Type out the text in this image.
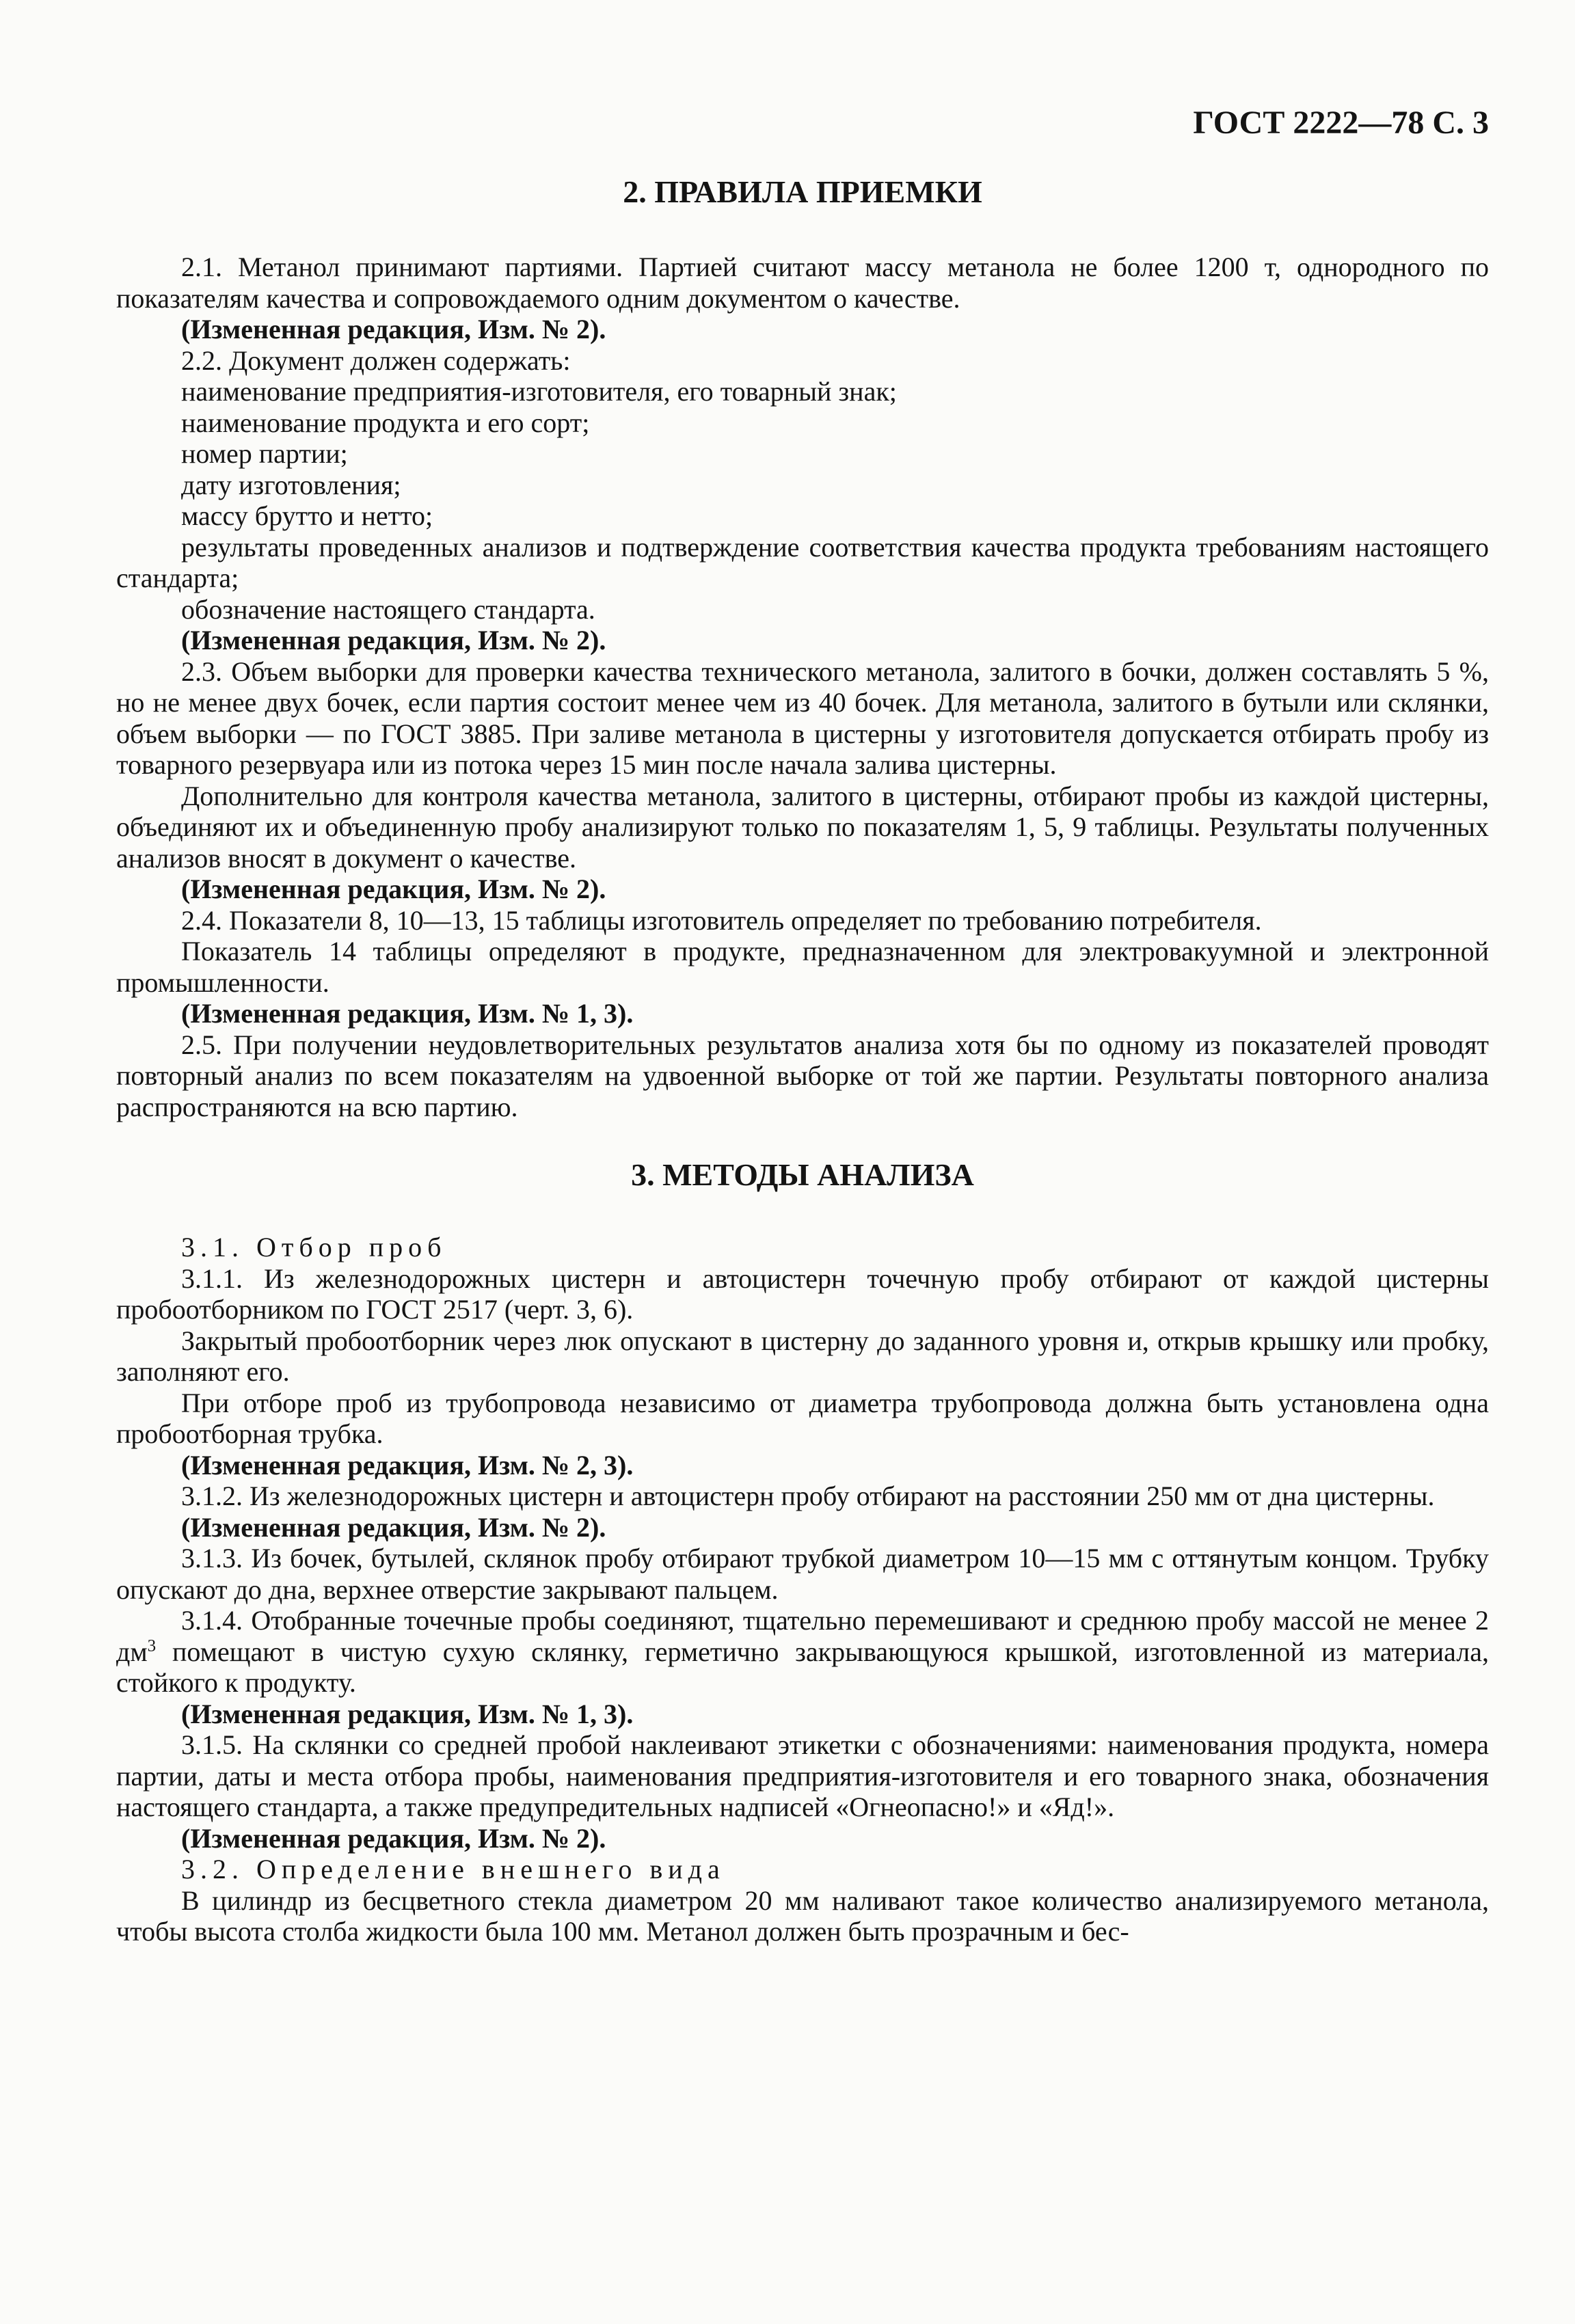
ГОСТ 2222—78 С. 3

2. ПРАВИЛА ПРИЕМКИ

2.1. Метанол принимают партиями. Партией считают массу метанола не более 1200 т, однородного по показателям качества и сопровождаемого одним документом о качестве.

(Измененная редакция, Изм. № 2).

2.2. Документ должен содержать:

наименование предприятия-изготовителя, его товарный знак;

наименование продукта и его сорт;

номер партии;

дату изготовления;

массу брутто и нетто;

результаты проведенных анализов и подтверждение соответствия качества продукта требованиям настоящего стандарта;

обозначение настоящего стандарта.

(Измененная редакция, Изм. № 2).

2.3. Объем выборки для проверки качества технического метанола, залитого в бочки, должен составлять 5 %, но не менее двух бочек, если партия состоит менее чем из 40 бочек. Для метанола, залитого в бутыли или склянки, объем выборки — по ГОСТ 3885. При заливе метанола в цистерны у изготовителя допускается отбирать пробу из товарного резервуара или из потока через 15 мин после начала залива цистерны.

Дополнительно для контроля качества метанола, залитого в цистерны, отбирают пробы из каждой цистерны, объединяют их и объединенную пробу анализируют только по показателям 1, 5, 9 таблицы. Результаты полученных анализов вносят в документ о качестве.

(Измененная редакция, Изм. № 2).

2.4. Показатели 8, 10—13, 15 таблицы изготовитель определяет по требованию потребителя.

Показатель 14 таблицы определяют в продукте, предназначенном для электровакуумной и электронной промышленности.

(Измененная редакция, Изм. № 1, 3).

2.5. При получении неудовлетворительных результатов анализа хотя бы по одному из показателей проводят повторный анализ по всем показателям на удвоенной выборке от той же партии. Результаты повторного анализа распространяются на всю партию.

3. МЕТОДЫ АНАЛИЗА

3.1. Отбор проб

3.1.1. Из железнодорожных цистерн и автоцистерн точечную пробу отбирают от каждой цистерны пробоотборником по ГОСТ 2517 (черт. 3, 6).

Закрытый пробоотборник через люк опускают в цистерну до заданного уровня и, открыв крышку или пробку, заполняют его.

При отборе проб из трубопровода независимо от диаметра трубопровода должна быть установлена одна пробоотборная трубка.

(Измененная редакция, Изм. № 2, 3).

3.1.2. Из железнодорожных цистерн и автоцистерн пробу отбирают на расстоянии 250 мм от дна цистерны.

(Измененная редакция, Изм. № 2).

3.1.3. Из бочек, бутылей, склянок пробу отбирают трубкой диаметром 10—15 мм с оттянутым концом. Трубку опускают до дна, верхнее отверстие закрывают пальцем.

3.1.4. Отобранные точечные пробы соединяют, тщательно перемешивают и среднюю пробу массой не менее 2 $дм^3$ помещают в чистую сухую склянку, герметично закрывающуюся крышкой, изготовленной из материала, стойкого к продукту.

(Измененная редакция, Изм. № 1, 3).

3.1.5. На склянки со средней пробой наклеивают этикетки с обозначениями: наименования продукта, номера партии, даты и места отбора пробы, наименования предприятия-изготовителя и его товарного знака, обозначения настоящего стандарта, а также предупредительных надписей «Огнеопасно!» и «Яд!».

(Измененная редакция, Изм. № 2).

3.2. Определение внешнего вида

В цилиндр из бесцветного стекла диаметром 20 мм наливают такое количество анализируемого метанола, чтобы высота столба жидкости была 100 мм. Метанол должен быть прозрачным и бес-
